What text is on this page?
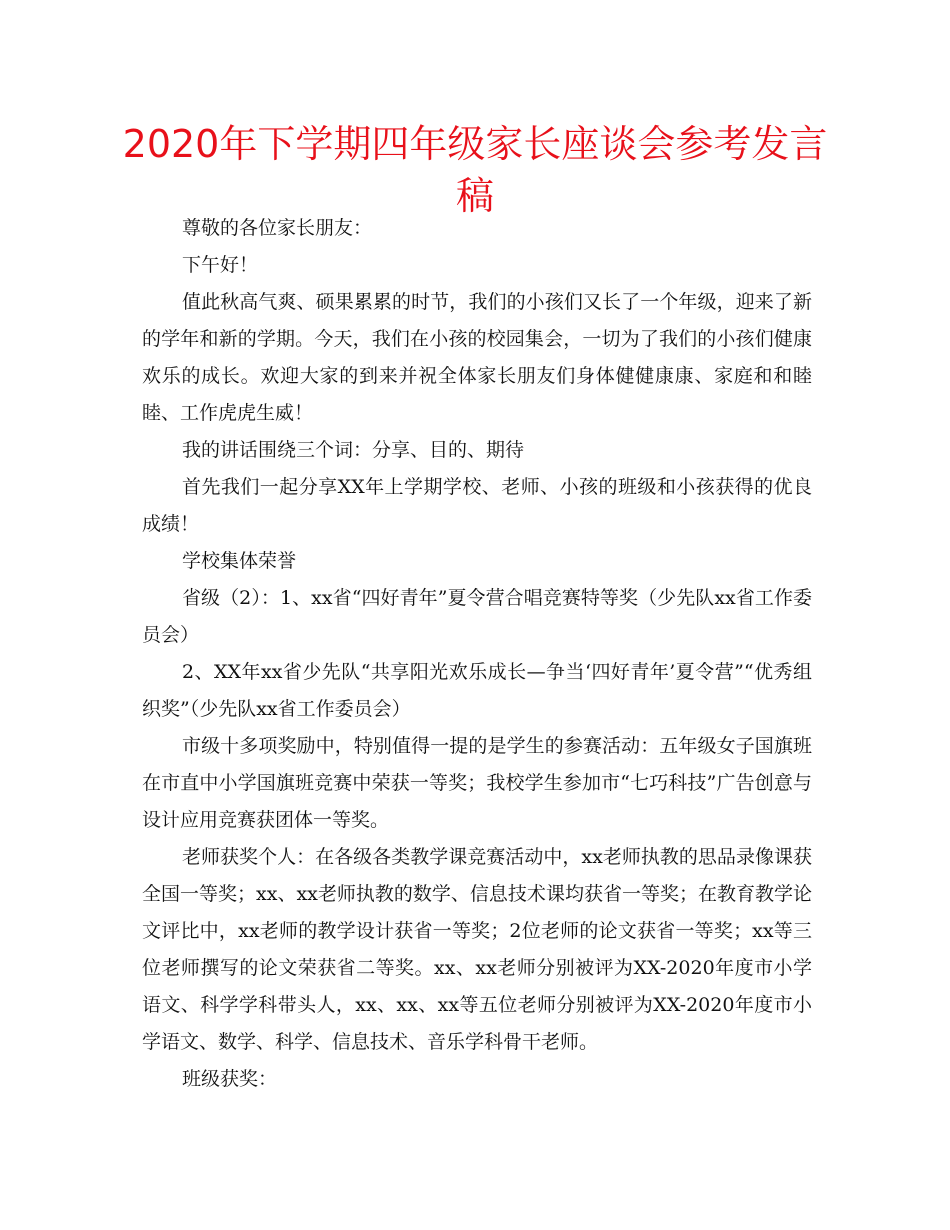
2020年下学期四年级家长座谈会参考发言稿

尊敬的各位家长朋友：

下午好！

值此秋高气爽、硕果累累的时节，我们的小孩们又长了一个年级，迎来了新的学年和新的学期。今天，我们在小孩的校园集会，一切为了我们的小孩们健康欢乐的成长。欢迎大家的到来并祝全体家长朋友们身体健健康康、家庭和和睦睦、工作虎虎生威！

我的讲话围绕三个词：分享、目的、期待

首先我们一起分享XX年上学期学校、老师、小孩的班级和小孩获得的优良成绩！

学校集体荣誉

省级（2）：1、xx省“四好青年”夏令营合唱竞赛特等奖（少先队xx省工作委员会）

2、XX年xx省少先队“共享阳光欢乐成长—争当‘四好青年’夏令营”“优秀组织奖”（少先队xx省工作委员会）

市级十多项奖励中，特别值得一提的是学生的参赛活动：五年级女子国旗班在市直中小学国旗班竞赛中荣获一等奖；我校学生参加市“七巧科技”广告创意与设计应用竞赛获团体一等奖。

老师获奖个人：在各级各类教学课竞赛活动中，xx老师执教的思品录像课获全国一等奖；xx、xx老师执教的数学、信息技术课均获省一等奖；在教育教学论文评比中，xx老师的教学设计获省一等奖；2位老师的论文获省一等奖；xx等三位老师撰写的论文荣获省二等奖。xx、xx老师分别被评为XX-2020年度市小学语文、科学学科带头人，xx、xx、xx等五位老师分别被评为XX-2020年度市小学语文、数学、科学、信息技术、音乐学科骨干老师。

班级获奖：
